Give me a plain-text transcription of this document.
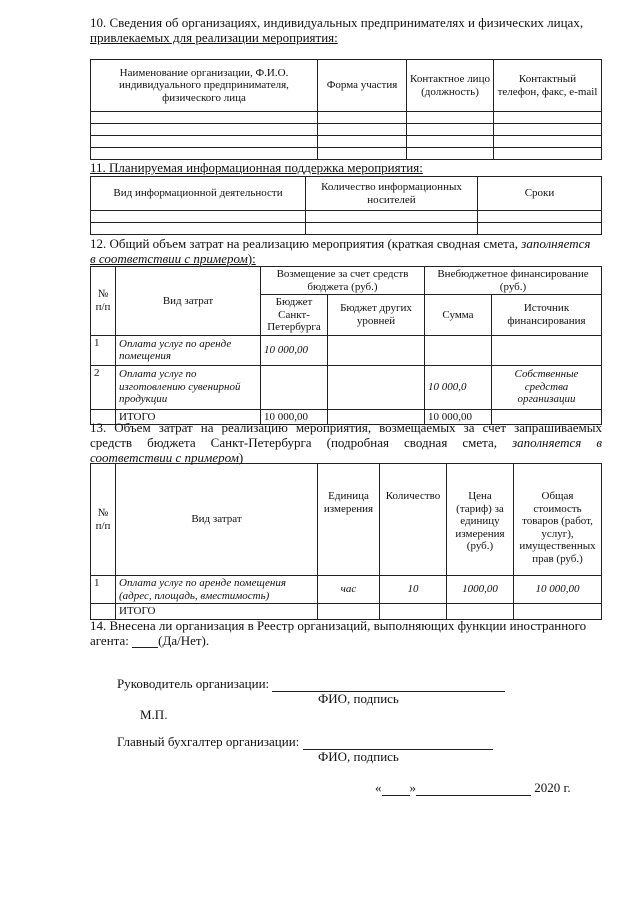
10. Сведения об организациях, индивидуальных предпринимателях и физических лицах,
привлекаемых для реализации мероприятия:
Наименование организации, Ф.И.О. индивидуального предпринимателя, физического лица	Форма участия	Контактное лицо (должность)	Контактный телефон, факс, e-mail

11. Планируемая информационная поддержка мероприятия:
Вид информационной деятельности	Количество информационных носителей	Сроки

12. Общий объем затрат на реализацию мероприятия (краткая сводная смета, заполняется
в соответствии с примером):
№ п/п	Вид затрат	Возмещение за счет средств бюджета (руб.)		Внебюджетное финансирование (руб.)	
		Бюджет Санкт-Петербурга	Бюджет других уровней	Сумма	Источник финансирования
1	Оплата услуг по аренде помещения	10 000,00			
2	Оплата услуг по изготовлению сувенирной продукции			10 000,0	Собственные средства организации
	ИТОГО	10 000,00		10 000,00	
13. Объем затрат на реализацию мероприятия, возмещаемых за счет запрашиваемых средств бюджета Санкт-Петербурга (подробная сводная смета, заполняется в соответствии с примером)
№ п/п	Вид затрат	Единица измерения	Количество	Цена (тариф) за единицу измерения (руб.)	Общая стоимость товаров (работ, услуг), имущественных прав (руб.)
1	Оплата услуг по аренде помещения (адрес, площадь, вместимость)	час	10	1000,00	10 000,00
	ИТОГО				
14. Внесена ли организация в Реестр организаций, выполняющих функции иностранного
агента: (Да/Нет).
Руководитель организации:
ФИО, подпись
М.П.
Главный бухгалтер организации:
ФИО, подпись
« »	2020 г.
